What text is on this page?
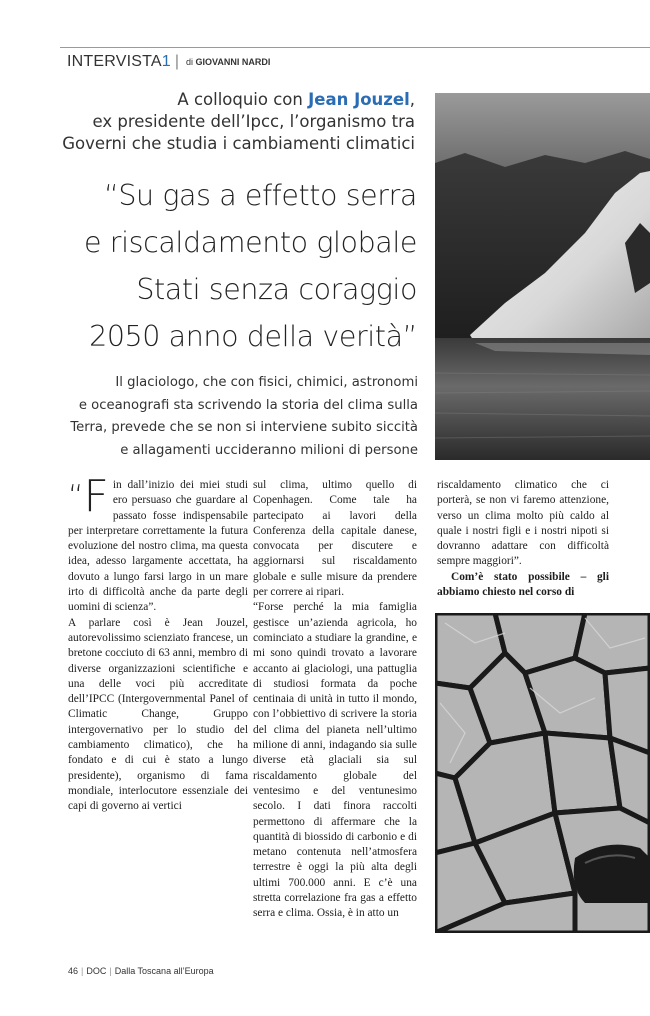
INTERVISTA1 | di GIOVANNI NARDI
A colloquio con Jean Jouzel,
ex presidente dell’Ipcc, l’organismo tra
Governi che studia i cambiamenti climatici
“Su gas a effetto serra
e riscaldamento globale
Stati senza coraggio
2050 anno della verità”
Il glaciologo, che con fisici, chimici, astronomi
e oceanografi sta scrivendo la storia del clima sulla
Terra, prevede che se non si interviene subito siccità
e allagamenti uccideranno milioni di persone

“F in dall’inizio dei miei studi ero persuaso che guardare al passato fosse indispensabile per interpretare correttamente la futura evoluzione del nostro clima, ma questa idea, adesso largamente accettata, ha dovuto a lungo farsi largo in un mare irto di difficoltà anche da parte degli uomini di scienza”.

A parlare così è Jean Jouzel, autorevolissimo scienziato francese, un bretone cocciuto di 63 anni, membro di diverse organizzazioni scientifiche e una delle voci più accreditate dell’IPCC (Intergovernmental Panel of Climatic Change, Gruppo intergovernativo per lo studio del cambiamento climatico), che ha fondato e di cui è stato a lungo presidente), organismo di fama mondiale, interlocutore essenziale dei capi di governo ai vertici

sul clima, ultimo quello di Copenhagen. Come tale ha partecipato ai lavori della Conferenza della capitale danese, convocata per discutere e aggiornarsi sul riscaldamento globale e sulle misure da prendere per correre ai ripari.

“Forse perché la mia famiglia gestisce un’azienda agricola, ho cominciato a studiare la grandine, e mi sono quindi trovato a lavorare accanto ai glaciologi, una pattuglia di studiosi formata da poche centinaia di unità in tutto il mondo, con l’obbiettivo di scrivere la storia del clima del pianeta nell’ultimo milione di anni, indagando sia sulle diverse età glaciali sia sul riscaldamento globale del ventesimo e del ventunesimo secolo. I dati finora raccolti permettono di affermare che la quantità di biossido di carbonio e di metano contenuta nell’atmosfera terrestre è oggi la più alta degli ultimi 700.000 anni. E c’è una stretta correlazione fra gas a effetto serra e clima. Ossia, è in atto un

riscaldamento climatico che ci porterà, se non vi faremo attenzione, verso un clima molto più caldo al quale i nostri figli e i nostri nipoti si dovranno adattare con difficoltà sempre maggiori”.

Com’è stato possibile – gli abbiamo chiesto nel corso di

46 | DOC | Dalla Toscana all’Europa
